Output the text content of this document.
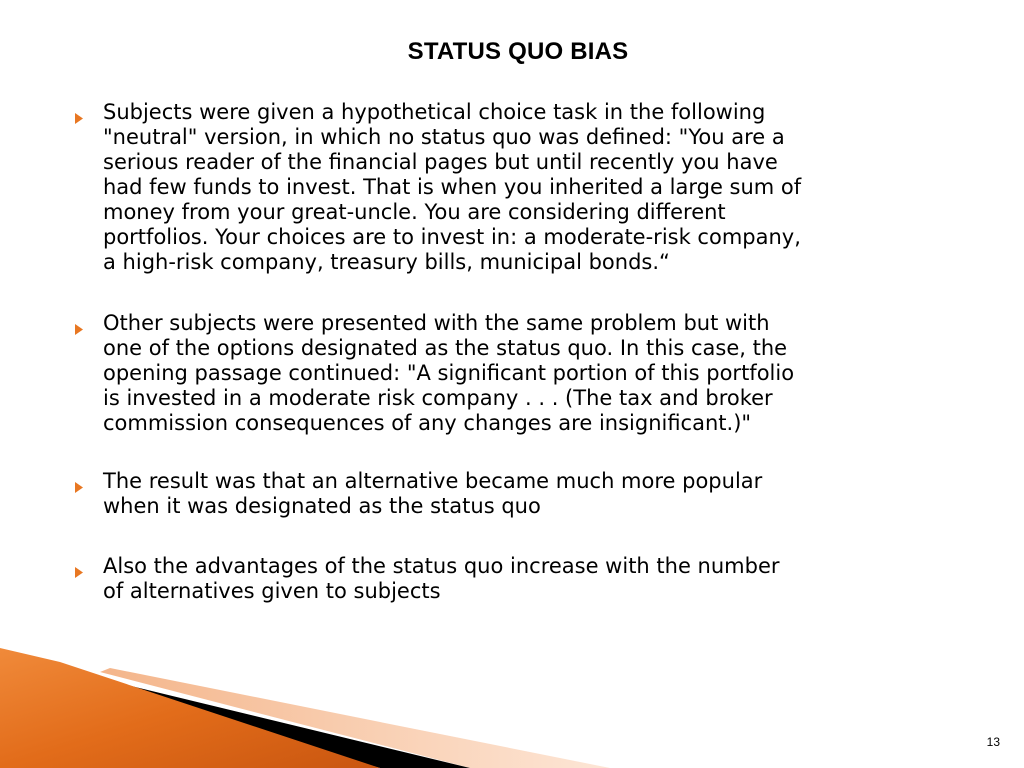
STATUS QUO BIAS
Subjects were given a hypothetical choice task in the following
"neutral" version, in which no status quo was defined: "You are a
serious reader of the financial pages but until recently you have
had few funds to invest. That is when you inherited a large sum of
money from your great-uncle. You are considering different
portfolios. Your choices are to invest in: a moderate-risk company,
a high-risk company, treasury bills, municipal bonds.“
Other subjects were presented with the same problem but with
one of the options designated as the status quo. In this case, the
opening passage continued: "A significant portion of this portfolio
is invested in a moderate risk company . . . (The tax and broker
commission consequences of any changes are insignificant.)"
The result was that an alternative became much more popular
when it was designated as the status quo
Also the advantages of the status quo increase with the number
of alternatives given to subjects
13
